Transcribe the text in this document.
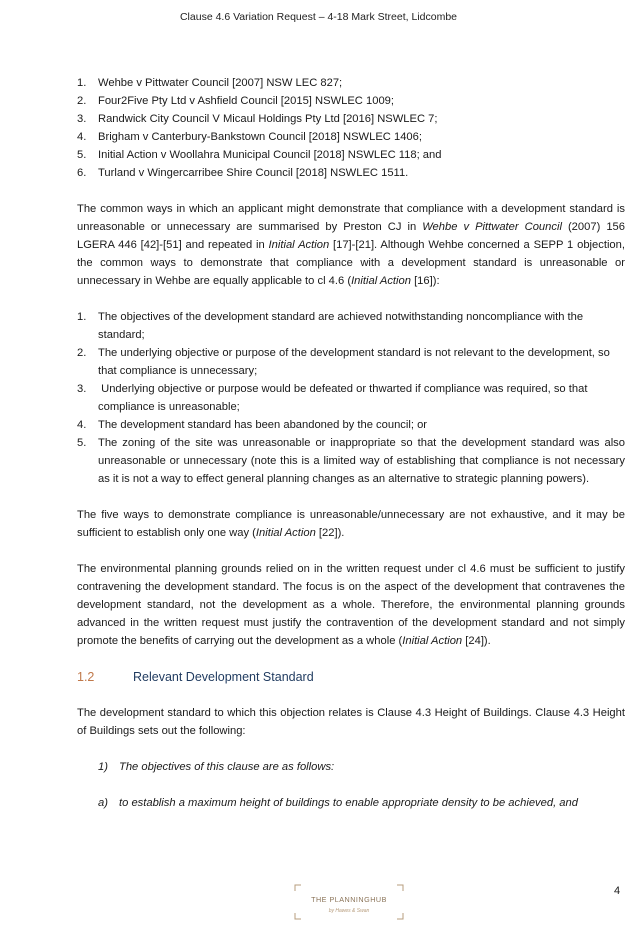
Clause 4.6 Variation Request – 4-18 Mark Street, Lidcombe
1. Wehbe v Pittwater Council [2007] NSW LEC 827;
2. Four2Five Pty Ltd v Ashfield Council [2015] NSWLEC 1009;
3. Randwick City Council V Micaul Holdings Pty Ltd [2016] NSWLEC 7;
4. Brigham v Canterbury-Bankstown Council [2018] NSWLEC 1406;
5. Initial Action v Woollahra Municipal Council [2018] NSWLEC 118; and
6. Turland v Wingercarribee Shire Council [2018] NSWLEC 1511.

The common ways in which an applicant might demonstrate that compliance with a development standard is unreasonable or unnecessary are summarised by Preston CJ in Wehbe v Pittwater Council (2007) 156 LGERA 446 [42]-[51] and repeated in Initial Action [17]-[21]. Although Wehbe concerned a SEPP 1 objection, the common ways to demonstrate that compliance with a development standard is unreasonable or unnecessary in Wehbe are equally applicable to cl 4.6 (Initial Action [16]):

1. The objectives of the development standard are achieved notwithstanding noncompliance with the standard;
2. The underlying objective or purpose of the development standard is not relevant to the development, so that compliance is unnecessary;
3. Underlying objective or purpose would be defeated or thwarted if compliance was required, so that compliance is unreasonable;
4. The development standard has been abandoned by the council; or
5. The zoning of the site was unreasonable or inappropriate so that the development standard was also unreasonable or unnecessary (note this is a limited way of establishing that compliance is not necessary as it is not a way to effect general planning changes as an alternative to strategic planning powers).

The five ways to demonstrate compliance is unreasonable/unnecessary are not exhaustive, and it may be sufficient to establish only one way (Initial Action [22]).

The environmental planning grounds relied on in the written request under cl 4.6 must be sufficient to justify contravening the development standard. The focus is on the aspect of the development that contravenes the development standard, not the development as a whole. Therefore, the environmental planning grounds advanced in the written request must justify the contravention of the development standard and not simply promote the benefits of carrying out the development as a whole (Initial Action [24]).

1.2	Relevant Development Standard

The development standard to which this objection relates is Clause 4.3 Height of Buildings. Clause 4.3 Height of Buildings sets out the following:

1) The objectives of this clause are as follows:
a) to establish a maximum height of buildings to enable appropriate density to be achieved, and
THE PLANNINGHUB
by Hawes & Swan
4
